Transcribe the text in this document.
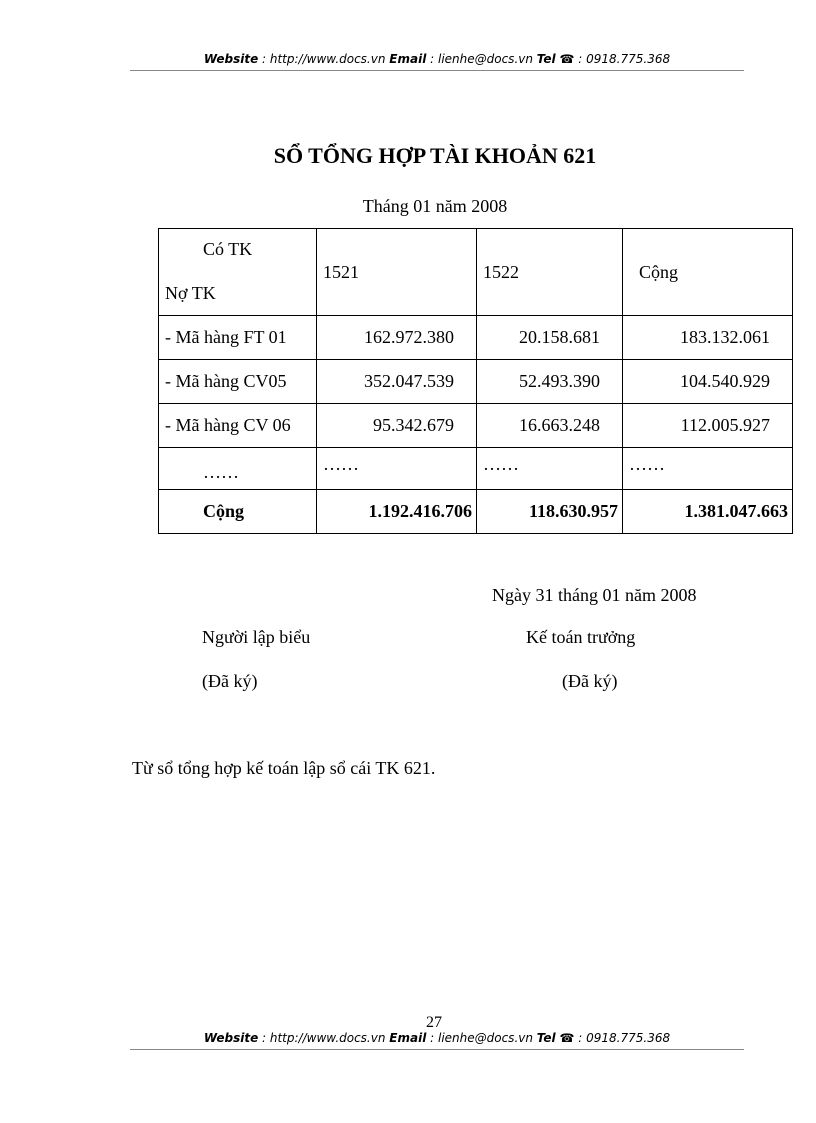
Website : http://www.docs.vn Email : lienhe@docs.vn Tel ☎ : 0918.775.368
SỔ TỔNG HỢP TÀI KHOẢN 621
Tháng 01 năm 2008
Có TK
Nợ TK	1521	1522	Cộng
- Mã hàng FT 01	162.972.380	20.158.681	183.132.061
- Mã hàng CV05	352.047.539	52.493.390	104.540.929
- Mã hàng CV 06	95.342.679	16.663.248	112.005.927
……	……	……	……
Cộng	1.192.416.706	118.630.957	1.381.047.663
Ngày 31 tháng 01 năm 2008
Người lập biểu	Kế toán trưởng
(Đã ký)	(Đã ký)
Từ sổ tổng hợp kế toán lập sổ cái TK 621.
27
Website : http://www.docs.vn Email : lienhe@docs.vn Tel ☎ : 0918.775.368
